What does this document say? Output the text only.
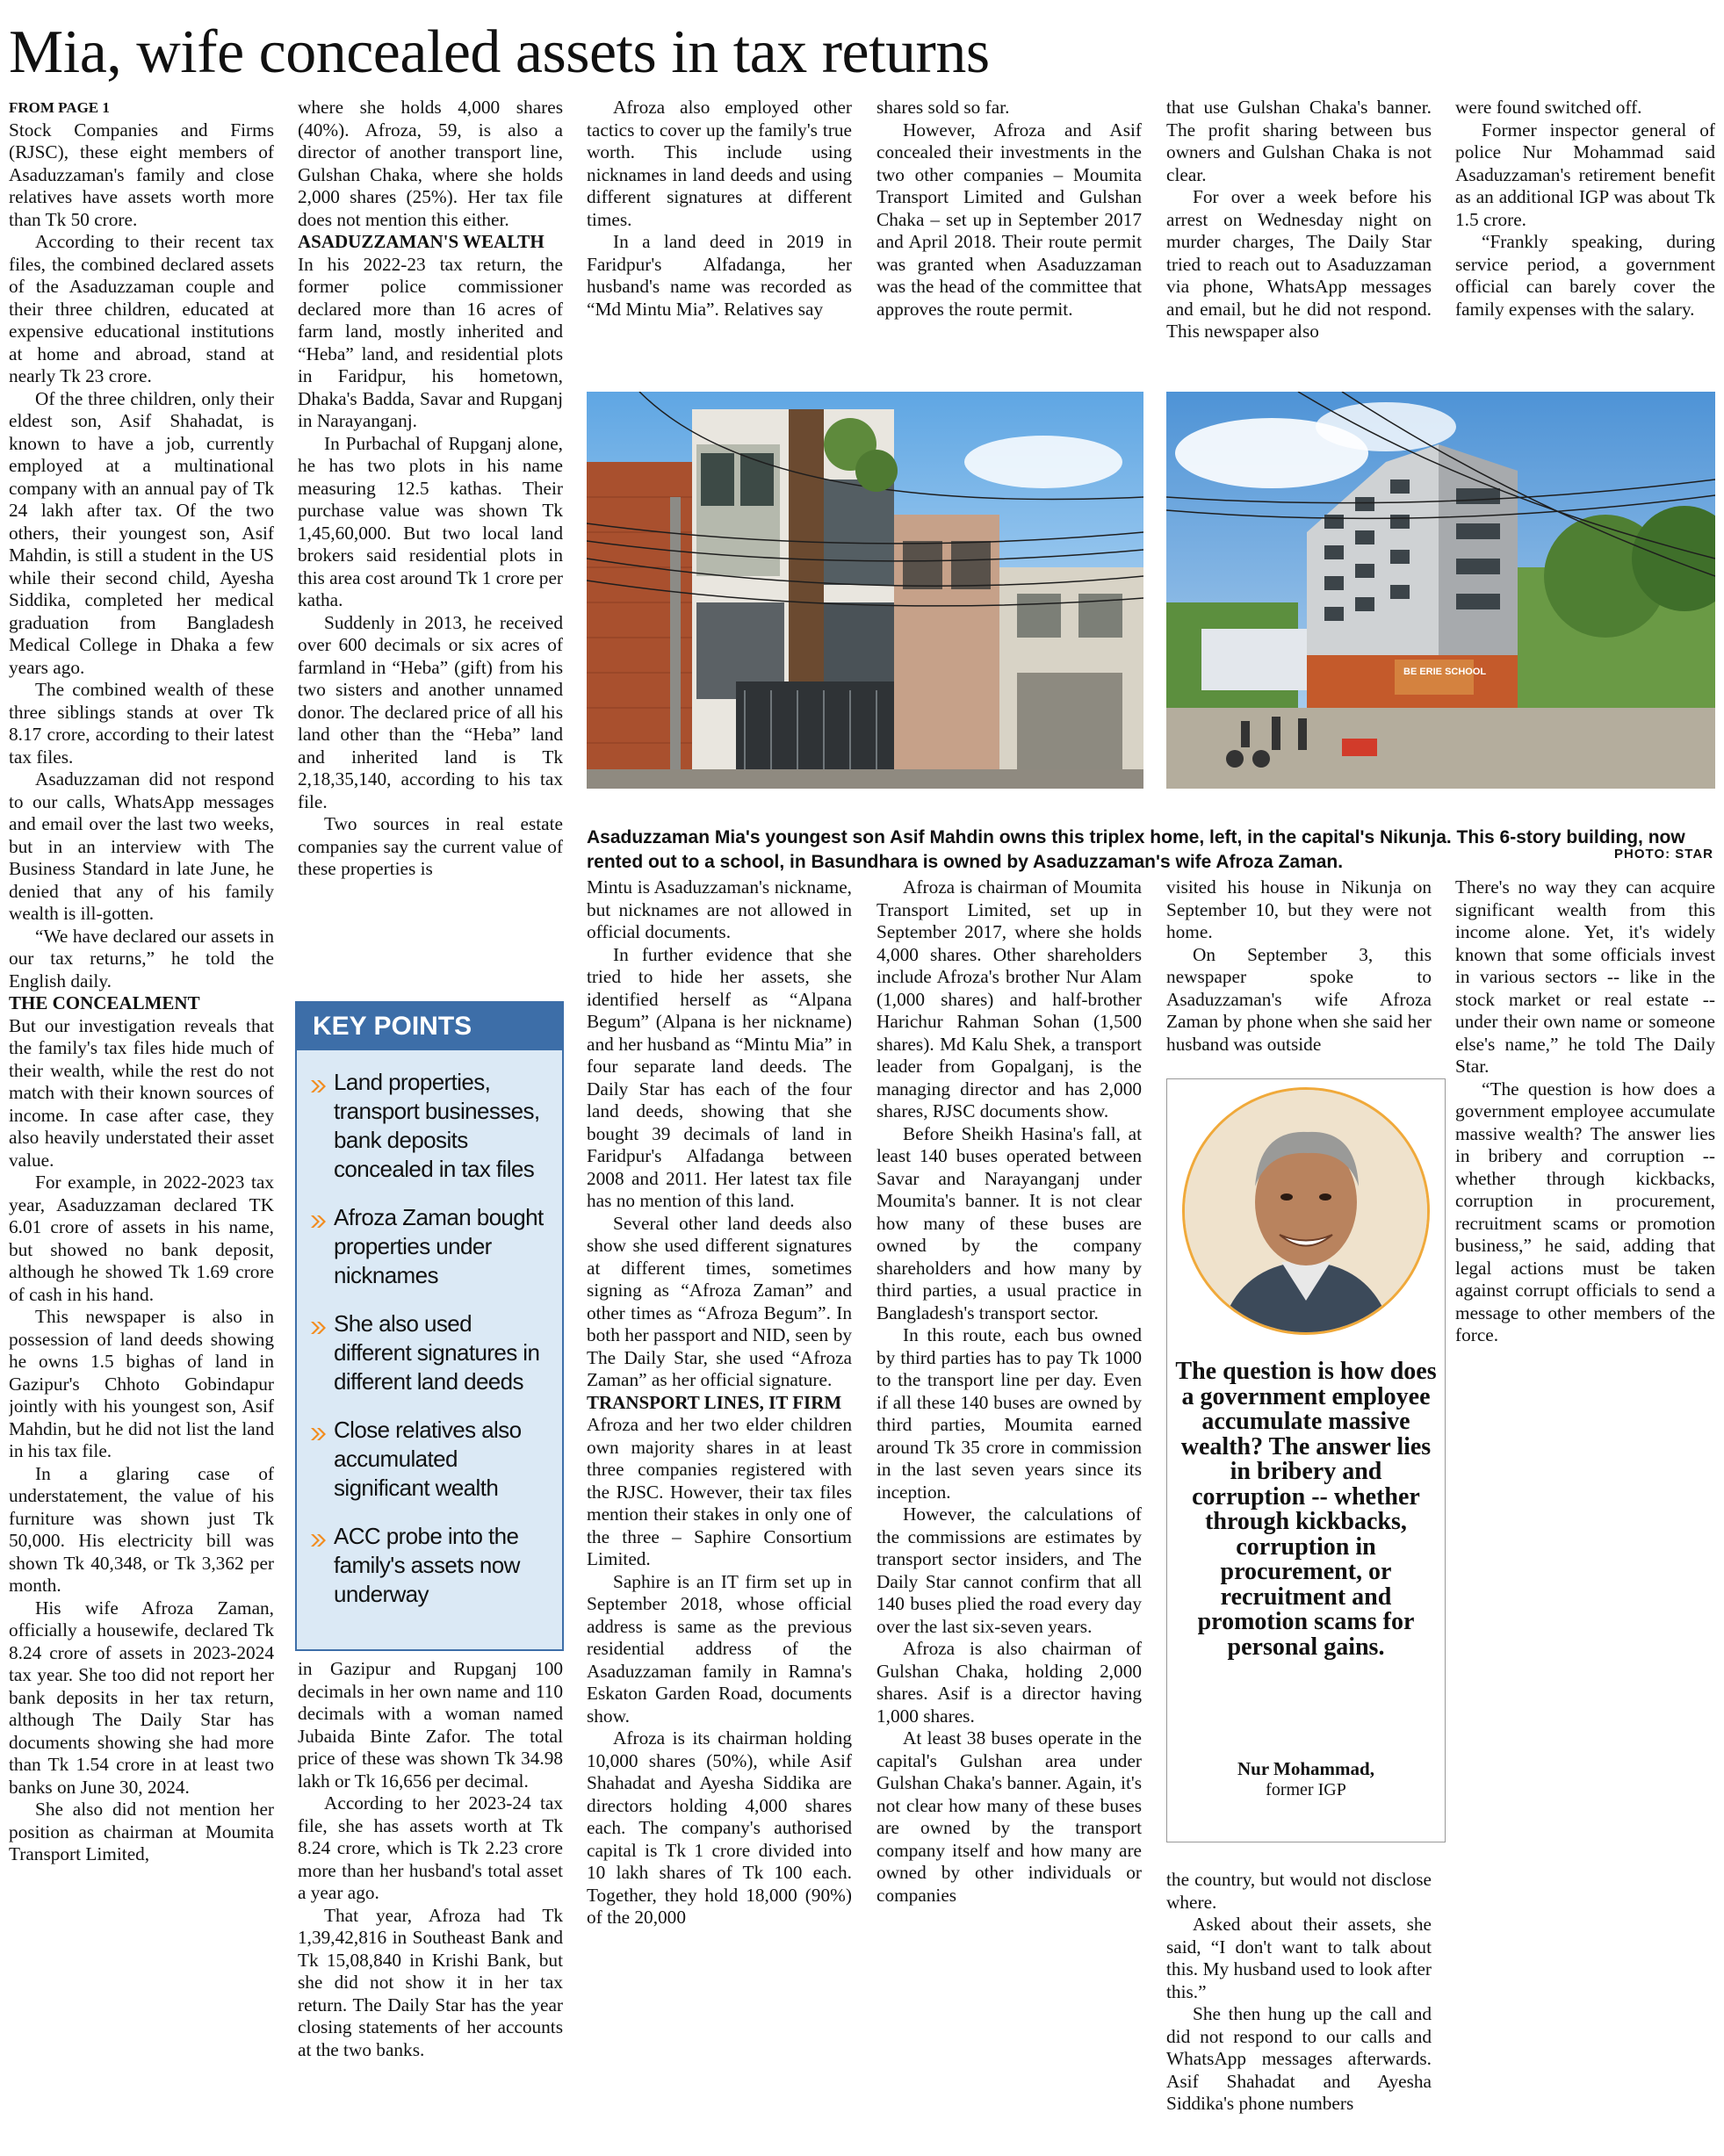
Mia, wife concealed assets in tax returns
FROM PAGE 1

Stock Companies and Firms (RJSC), these eight members of Asaduzzaman's family and close relatives have assets worth more than Tk 50 crore.

According to their recent tax files, the combined declared assets of the Asaduzzaman couple and their three children, educated at expensive educational institutions at home and abroad, stand at nearly Tk 23 crore.

Of the three children, only their eldest son, Asif Shahadat, is known to have a job, currently employed at a multinational company with an annual pay of Tk 24 lakh after tax. Of the two others, their youngest son, Asif Mahdin, is still a student in the US while their second child, Ayesha Siddika, completed her medical graduation from Bangladesh Medical College in Dhaka a few years ago.

The combined wealth of these three siblings stands at over Tk 8.17 crore, according to their latest tax files.

Asaduzzaman did not respond to our calls, WhatsApp messages and email over the last two weeks, but in an interview with The Business Standard in late June, he denied that any of his family wealth is ill-gotten.

“We have declared our assets in our tax returns,” he told the English daily.

THE CONCEALMENT

But our investigation reveals that the family's tax files hide much of their wealth, while the rest do not match with their known sources of income. In case after case, they also heavily understated their asset value.

For example, in 2022-2023 tax year, Asaduzzaman declared TK 6.01 crore of assets in his name, but showed no bank deposit, although he showed Tk 1.69 crore of cash in his hand.

This newspaper is also in possession of land deeds showing he owns 1.5 bighas of land in Gazipur's Chhoto Gobindapur jointly with his youngest son, Asif Mahdin, but he did not list the land in his tax file.

In a glaring case of understatement, the value of his furniture was shown just Tk 50,000. His electricity bill was shown Tk 40,348, or Tk 3,362 per month.

His wife Afroza Zaman, officially a housewife, declared Tk 8.24 crore of assets in 2023-2024 tax year. She too did not report her bank deposits in her tax return, although The Daily Star has documents showing she had more than Tk 1.54 crore in at least two banks on June 30, 2024.

She also did not mention her position as chairman at Moumita Transport Limited,

where she holds 4,000 shares (40%). Afroza, 59, is also a director of another transport line, Gulshan Chaka, where she holds 2,000 shares (25%). Her tax file does not mention this either.

ASADUZZAMAN'S WEALTH

In his 2022-23 tax return, the former police commissioner declared more than 16 acres of farm land, mostly inherited and “Heba” land, and residential plots in Faridpur, his hometown, Dhaka's Badda, Savar and Rupganj in Narayanganj.

In Purbachal of Rupganj alone, he has two plots in his name measuring 12.5 kathas. Their purchase value was shown Tk 1,45,60,000. But two local land brokers said residential plots in this area cost around Tk 1 crore per katha.

Suddenly in 2013, he received over 600 decimals or six acres of farmland in “Heba” (gift) from his two sisters and another unnamed donor. The declared price of all his land other than the “Heba” land and inherited land is Tk 2,18,35,140, according to his tax file.

Two sources in real estate companies say the current value of these properties is

KEY POINTS
Land properties, transport businesses, bank deposits concealed in tax files
Afroza Zaman bought properties under nicknames
She also used different signatures in different land deeds
Close relatives also accumulated significant wealth
ACC probe into the family's assets now underway

in Gazipur and Rupganj 100 decimals in her own name and 110 decimals with a woman named Jubaida Binte Zafor. The total price of these was shown Tk 34.98 lakh or Tk 16,656 per decimal.

According to her 2023-24 tax file, she has assets worth at Tk 8.24 crore, which is Tk 2.23 crore more than her husband's total asset a year ago.

That year, Afroza had Tk 1,39,42,816 in Southeast Bank and Tk 15,08,840 in Krishi Bank, but she did not show it in her tax return. The Daily Star has the year closing statements of her accounts at the two banks.

Afroza also employed other tactics to cover up the family's true worth. This include using nicknames in land deeds and using different signatures at different times.

In a land deed in 2019 in Faridpur's Alfadanga, her husband's name was recorded as “Md Mintu Mia”. Relatives say

shares sold so far.

However, Afroza and Asif concealed their investments in the two other companies – Moumita Transport Limited and Gulshan Chaka – set up in September 2017 and April 2018. Their route permit was granted when Asaduzzaman was the head of the committee that approves the route permit.

that use Gulshan Chaka's banner. The profit sharing between bus owners and Gulshan Chaka is not clear.

For over a week before his arrest on Wednesday night on murder charges, The Daily Star tried to reach out to Asaduzzaman via phone, WhatsApp messages and email, but he did not respond. This newspaper also

were found switched off.

Former inspector general of police Nur Mohammad said Asaduzzaman's retirement benefit as an additional IGP was about Tk 1.5 crore.

“Frankly speaking, during service period, a government official can barely cover the family expenses with the salary.

BE ERIE SCHOOL
Asaduzzaman Mia's youngest son Asif Mahdin owns this triplex home, left, in the capital's Nikunja. This 6-story building, now rented out to a school, in Basundhara is owned by Asaduzzaman's wife Afroza Zaman.	PHOTO: STAR

Mintu is Asaduzzaman's nickname, but nicknames are not allowed in official documents.

In further evidence that she tried to hide her assets, she identified herself as “Alpana Begum” (Alpana is her nickname) and her husband as “Mintu Mia” in four separate land deeds. The Daily Star has each of the four land deeds, showing that she bought 39 decimals of land in Faridpur's Alfadanga between 2008 and 2011. Her latest tax file has no mention of this land.

Several other land deeds also show she used different signatures at different times, sometimes signing as “Afroza Zaman” and other times as “Afroza Begum”. In both her passport and NID, seen by The Daily Star, she used “Afroza Zaman” as her official signature.

TRANSPORT LINES, IT FIRM

Afroza and her two elder children own majority shares in at least three companies registered with the RJSC. However, their tax files mention their stakes in only one of the three – Saphire Consortium Limited.

Saphire is an IT firm set up in September 2018, whose official address is same as the previous residential address of the Asaduzzaman family in Ramna's Eskaton Garden Road, documents show.

Afroza is its chairman holding 10,000 shares (50%), while Asif Shahadat and Ayesha Siddika are directors holding 4,000 shares each. The company's authorised capital is Tk 1 crore divided into 10 lakh shares of Tk 100 each. Together, they hold 18,000 (90%) of the 20,000

Afroza is chairman of Moumita Transport Limited, set up in September 2017, where she holds 4,000 shares. Other shareholders include Afroza's brother Nur Alam (1,000 shares) and half-brother Harichur Rahman Sohan (1,500 shares). Md Kalu Shek, a transport leader from Gopalganj, is the managing director and has 2,000 shares, RJSC documents show.

Before Sheikh Hasina's fall, at least 140 buses operated between Savar and Narayanganj under Moumita's banner. It is not clear how many of these buses are owned by the company shareholders and how many by third parties, a usual practice in Bangladesh's transport sector.

In this route, each bus owned by third parties has to pay Tk 1000 to the transport line per day. Even if all these 140 buses are owned by third parties, Moumita earned around Tk 35 crore in commission in the last seven years since its inception.

However, the calculations of the commissions are estimates by transport sector insiders, and The Daily Star cannot confirm that all 140 buses plied the road every day over the last six-seven years.

Afroza is also chairman of Gulshan Chaka, holding 2,000 shares. Asif is a director having 1,000 shares.

At least 38 buses operate in the capital's Gulshan area under Gulshan Chaka's banner. Again, it's not clear how many of these buses are owned by the transport company itself and how many are owned by other individuals or companies

visited his house in Nikunja on September 10, but they were not home.

On September 3, this newspaper spoke to Asaduzzaman's wife Afroza Zaman by phone when she said her husband was outside

The question is how does a government employee accumulate massive wealth? The answer lies in bribery and corruption -- whether through kickbacks, corruption in procurement, or recruitment and promotion scams for personal gains.
Nur Mohammad,
former IGP

the country, but would not disclose where.

Asked about their assets, she said, “I don't want to talk about this. My husband used to look after this.”

She then hung up the call and did not respond to our calls and WhatsApp messages afterwards. Asif Shahadat and Ayesha Siddika's phone numbers

There's no way they can acquire significant wealth from this income alone. Yet, it's widely known that some officials invest in various sectors -- like in the stock market or real estate -- under their own name or someone else's name,” he told The Daily Star.

“The question is how does a government employee accumulate massive wealth? The answer lies in bribery and corruption -- whether through kickbacks, corruption in procurement, recruitment scams or promotion business,” he said, adding that legal actions must be taken against corrupt officials to send a message to other members of the force.
